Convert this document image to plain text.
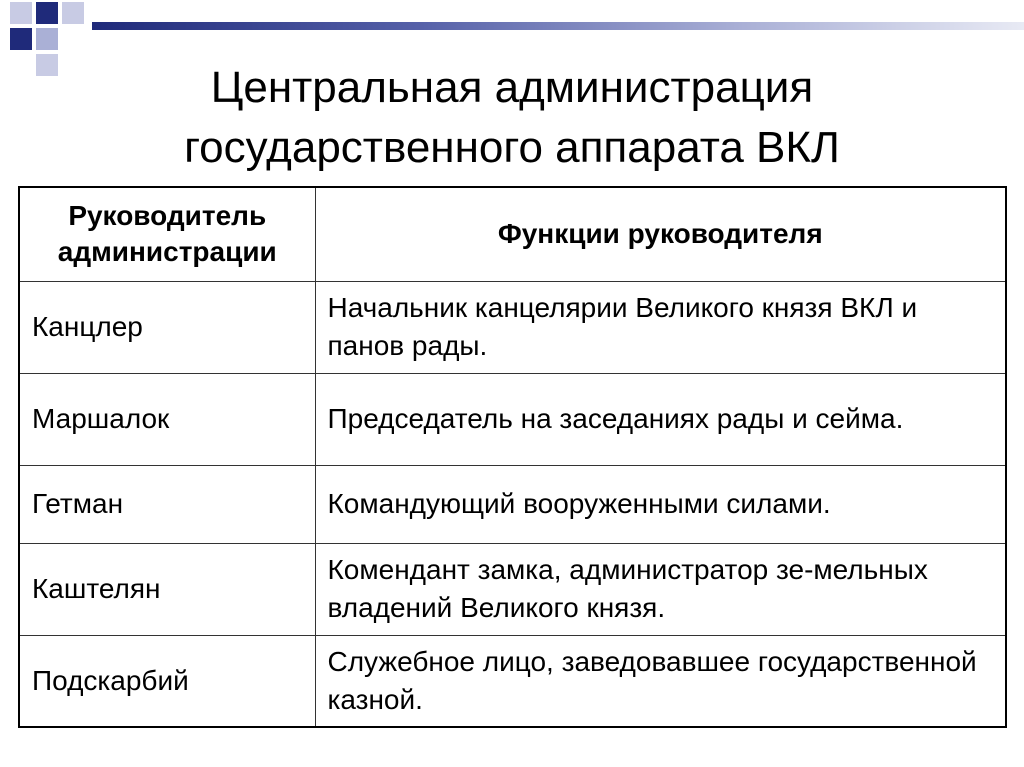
Центральная администрация
государственного аппарата ВКЛ
Руководитель администрации	Функции руководителя
Канцлер	Начальник канцелярии Великого князя ВКЛ и панов рады.
Маршалок	Председатель на заседаниях рады и сейма.
Гетман	Командующий вооруженными силами.
Каштелян	Комендант замка, администратор зе-мельных владений Великого князя.
Подскарбий	Служебное лицо, заведовавшее государственной казной.
